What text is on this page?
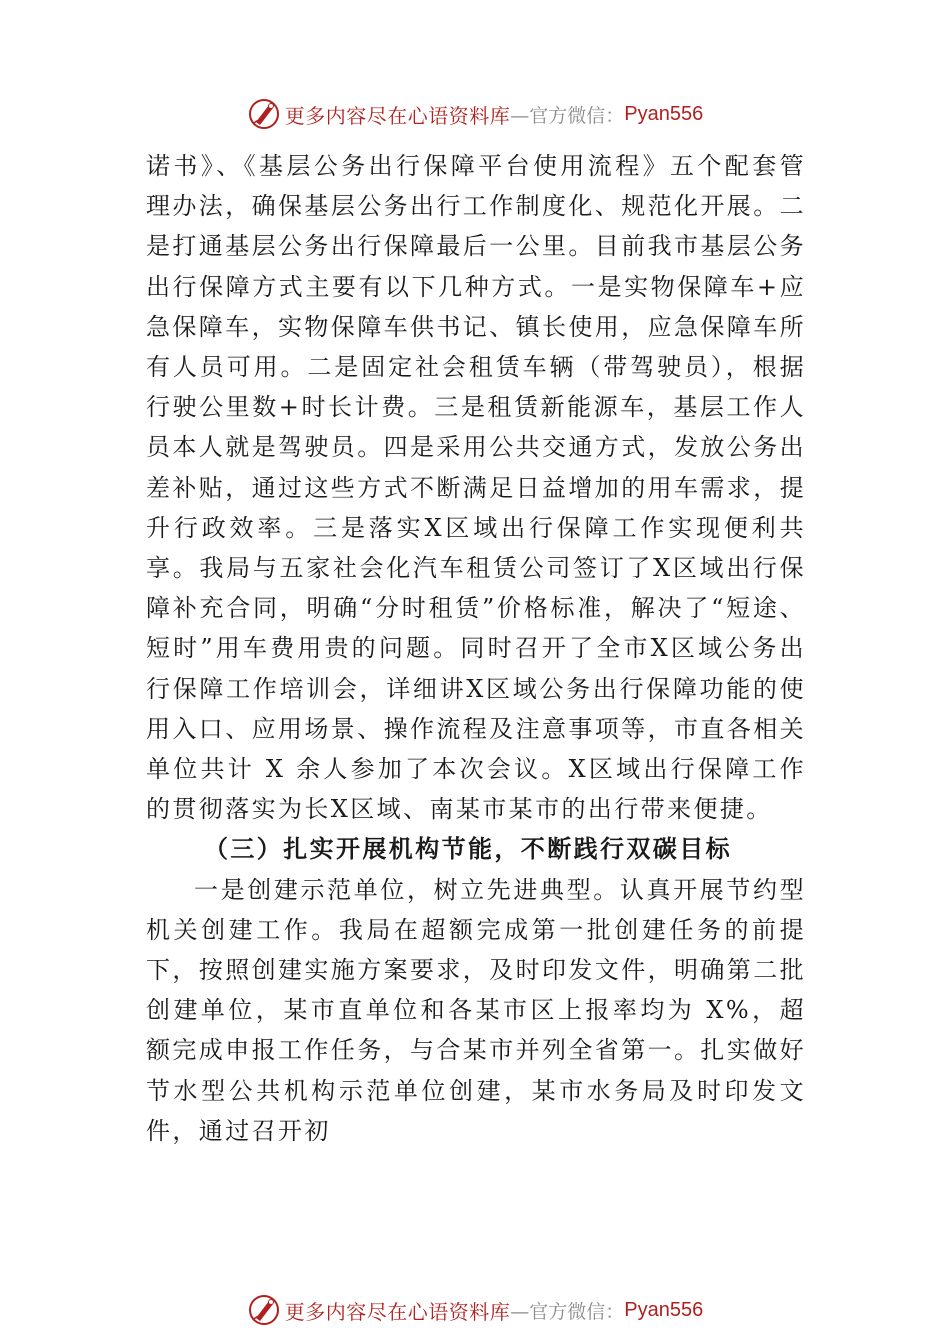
更多内容尽在心语资料库 —官方微信： Pyan556

诺书》、《基层公务出行保障平台使用流程》五个配套管理办法，确保基层公务出行工作制度化、规范化开展。二是打通基层公务出行保障最后一公里。目前我市基层公务出行保障方式主要有以下几种方式。一是实物保障车+应急保障车，实物保障车供书记、镇长使用，应急保障车所有人员可用。二是固定社会租赁车辆（带驾驶员），根据行驶公里数+时长计费。三是租赁新能源车，基层工作人员本人就是驾驶员。四是采用公共交通方式，发放公务出差补贴，通过这些方式不断满足日益增加的用车需求，提升行政效率。三是落实X区域出行保障工作实现便利共享。我局与五家社会化汽车租赁公司签订了X区域出行保障补充合同，明确“分时租赁”价格标准，解决了“短途、短时”用车费用贵的问题。同时召开了全市X区域公务出行保障工作培训会，详细讲X区域公务出行保障功能的使用入口、应用场景、操作流程及注意事项等，市直各相关单位共计 X 余人参加了本次会议。X区域出行保障工作的贯彻落实为长X区域、南某市某市的出行带来便捷。

（三）扎实开展机构节能，不断践行双碳目标

一是创建示范单位，树立先进典型。认真开展节约型机关创建工作。我局在超额完成第一批创建任务的前提下，按照创建实施方案要求，及时印发文件，明确第二批创建单位，某市直单位和各某市区上报率均为 X%，超额完成申报工作任务，与合某市并列全省第一。扎实做好节水型公共机构示范单位创建，某市水务局及时印发文件，通过召开初

更多内容尽在心语资料库 —官方微信： Pyan556
